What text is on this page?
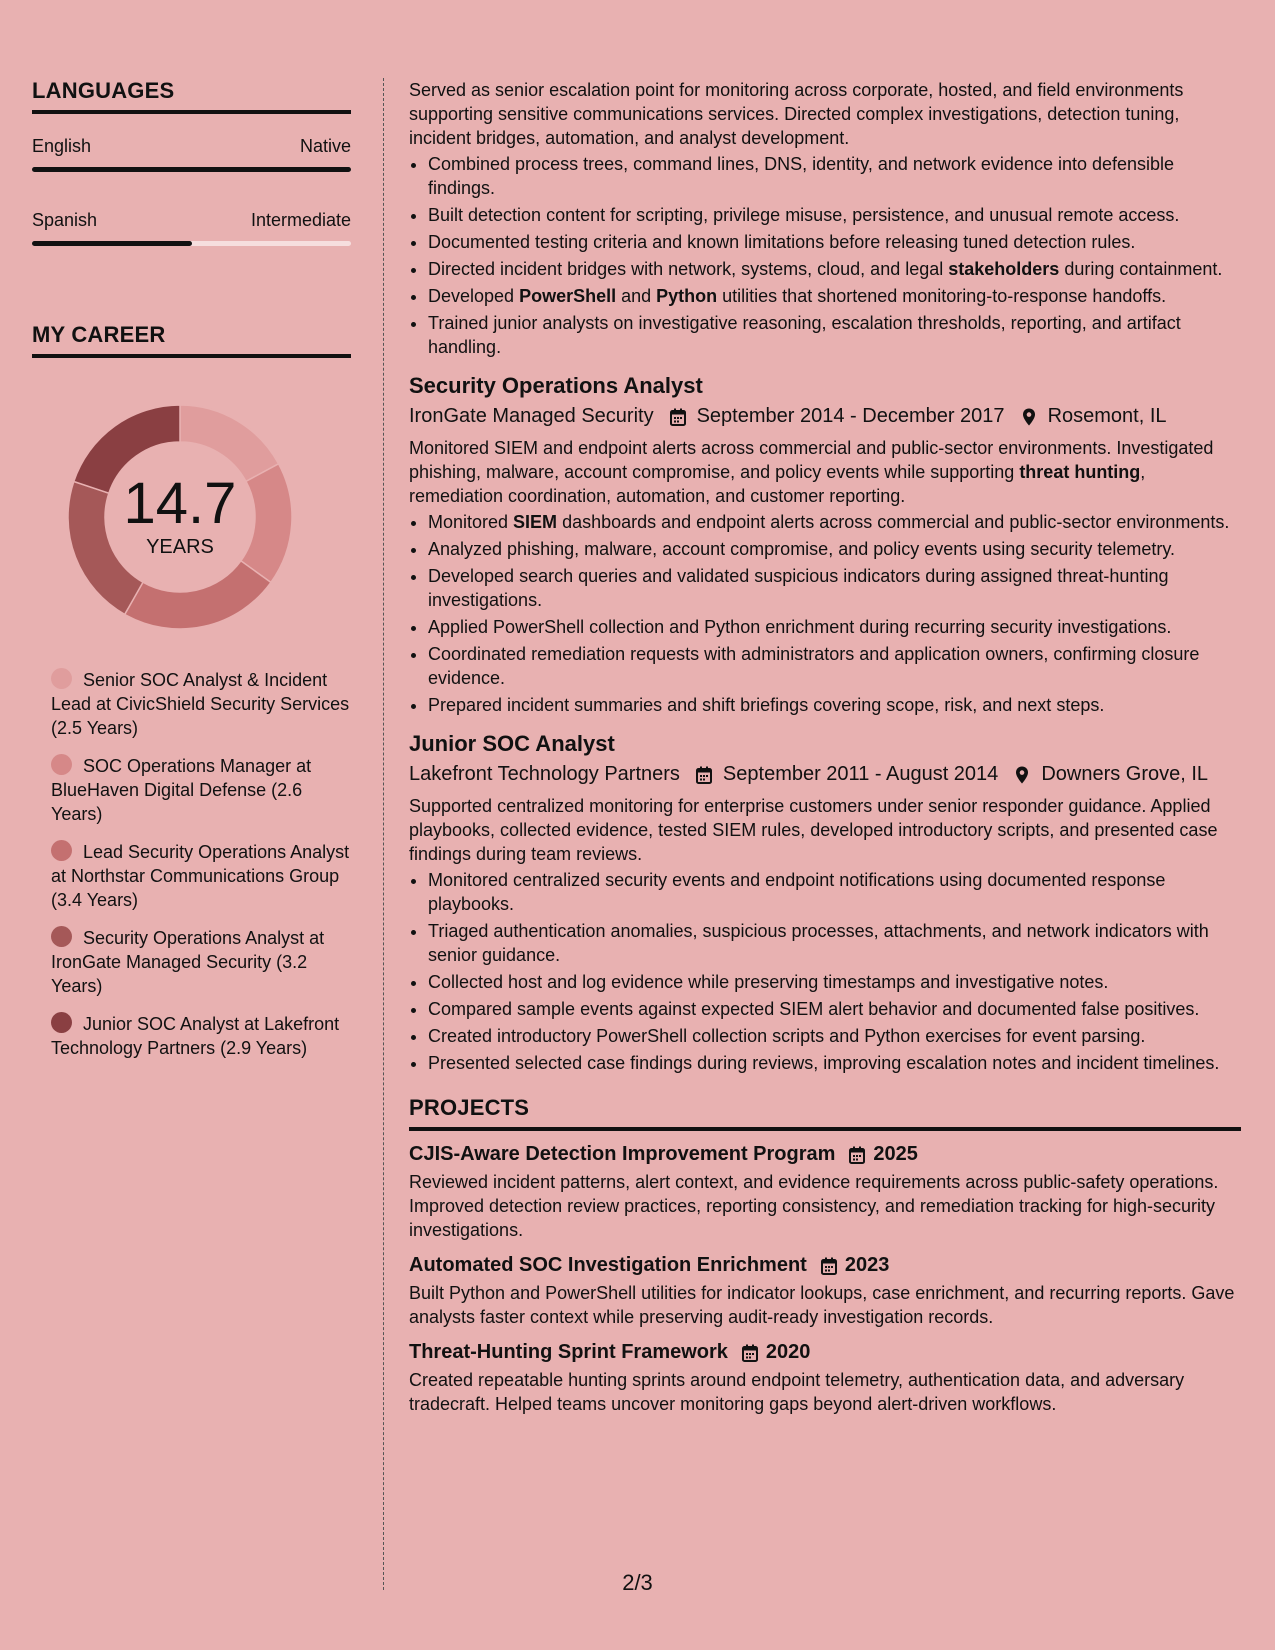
LANGUAGES
English	Native
Spanish	Intermediate
MY CAREER
14.7
YEARS
Senior SOC Analyst & Incident Lead at CivicShield Security Services (2.5 Years)
SOC Operations Manager at BlueHaven Digital Defense (2.6 Years)
Lead Security Operations Analyst at Northstar Communications Group (3.4 Years)
Security Operations Analyst at IronGate Managed Security (3.2 Years)
Junior SOC Analyst at Lakefront Technology Partners (2.9 Years)

Served as senior escalation point for monitoring across corporate, hosted, and field environments supporting sensitive communications services. Directed complex investigations, detection tuning, incident bridges, automation, and analyst development.

• Combined process trees, command lines, DNS, identity, and network evidence into defensible findings.
• Built detection content for scripting, privilege misuse, persistence, and unusual remote access.
• Documented testing criteria and known limitations before releasing tuned detection rules.
• Directed incident bridges with network, systems, cloud, and legal stakeholders during containment.
• Developed PowerShell and Python utilities that shortened monitoring-to-response handoffs.
• Trained junior analysts on investigative reasoning, escalation thresholds, reporting, and artifact handling.
Security Operations Analyst
IronGate Managed Security September 2014 - December 2017 Rosemont, IL

Monitored SIEM and endpoint alerts across commercial and public-sector environments. Investigated phishing, malware, account compromise, and policy events while supporting threat hunting, remediation coordination, automation, and customer reporting.

• Monitored SIEM dashboards and endpoint alerts across commercial and public-sector environments.
• Analyzed phishing, malware, account compromise, and policy events using security telemetry.
• Developed search queries and validated suspicious indicators during assigned threat-hunting investigations.
• Applied PowerShell collection and Python enrichment during recurring security investigations.
• Coordinated remediation requests with administrators and application owners, confirming closure evidence.
• Prepared incident summaries and shift briefings covering scope, risk, and next steps.
Junior SOC Analyst
Lakefront Technology Partners September 2011 - August 2014 Downers Grove, IL

Supported centralized monitoring for enterprise customers under senior responder guidance. Applied playbooks, collected evidence, tested SIEM rules, developed introductory scripts, and presented case findings during team reviews.

• Monitored centralized security events and endpoint notifications using documented response playbooks.
• Triaged authentication anomalies, suspicious processes, attachments, and network indicators with senior guidance.
• Collected host and log evidence while preserving timestamps and investigative notes.
• Compared sample events against expected SIEM alert behavior and documented false positives.
• Created introductory PowerShell collection scripts and Python exercises for event parsing.
• Presented selected case findings during reviews, improving escalation notes and incident timelines.
PROJECTS
CJIS-Aware Detection Improvement Program 2025

Reviewed incident patterns, alert context, and evidence requirements across public-safety operations. Improved detection review practices, reporting consistency, and remediation tracking for high-security investigations.

Automated SOC Investigation Enrichment 2023

Built Python and PowerShell utilities for indicator lookups, case enrichment, and recurring reports. Gave analysts faster context while preserving audit-ready investigation records.

Threat-Hunting Sprint Framework 2020

Created repeatable hunting sprints around endpoint telemetry, authentication data, and adversary tradecraft. Helped teams uncover monitoring gaps beyond alert-driven workflows.

2/3
